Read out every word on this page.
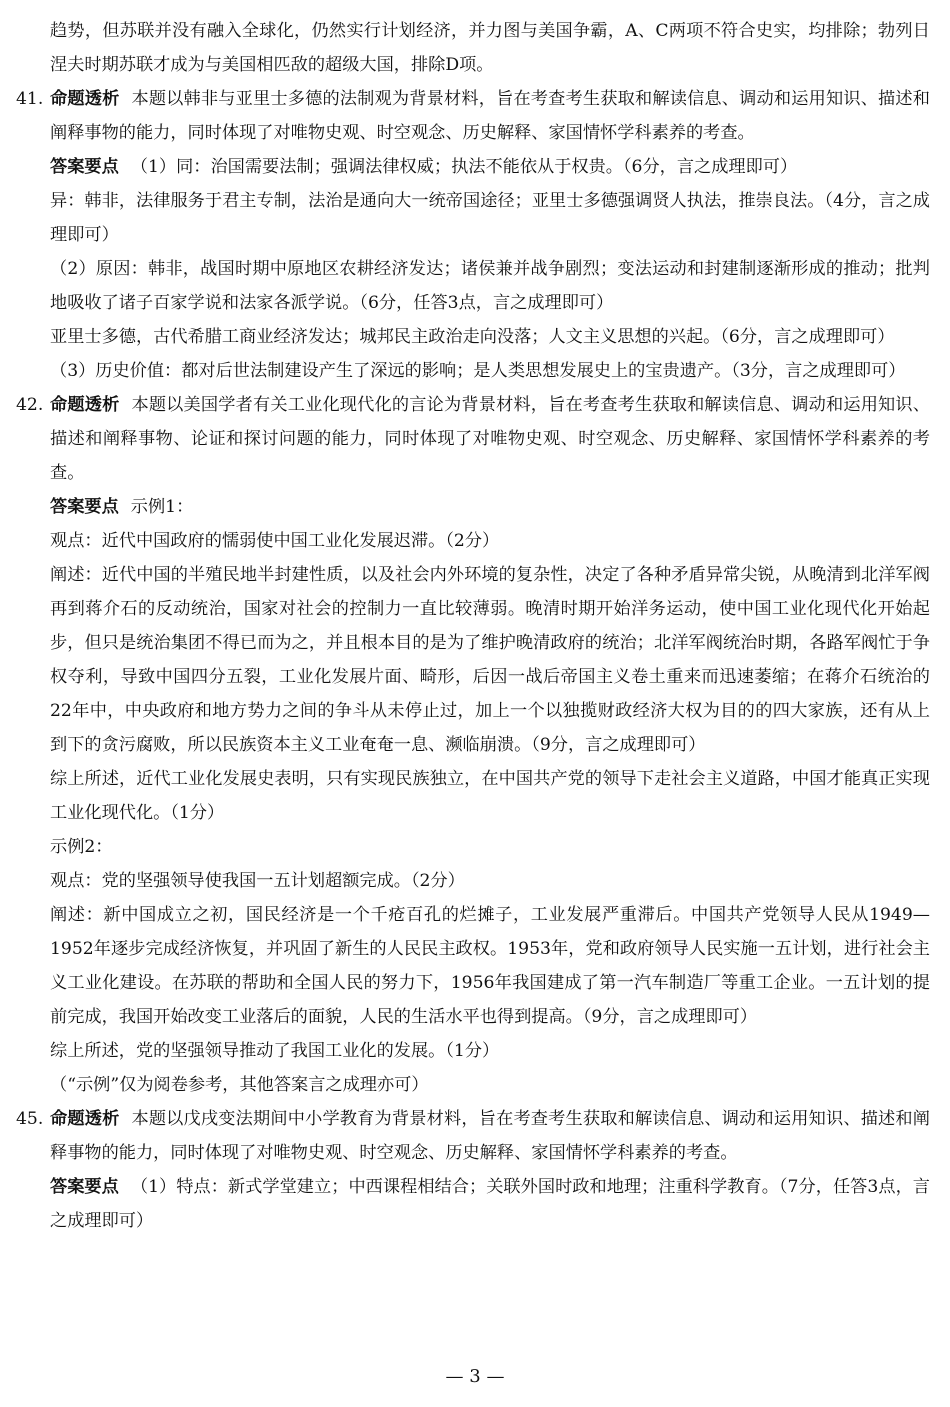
趋势，但苏联并没有融入全球化，仍然实行计划经济，并力图与美国争霸，A、C两项不符合史实，均排除；勃列日涅夫时期苏联才成为与美国相匹敌的超级大国，排除D项。

41. 命题透析 本题以韩非与亚里士多德的法制观为背景材料，旨在考查考生获取和解读信息、调动和运用知识、描述和阐释事物的能力，同时体现了对唯物史观、时空观念、历史解释、家国情怀学科素养的考查。

答案要点 （1）同：治国需要法制；强调法律权威；执法不能依从于权贵。（6分，言之成理即可）

异：韩非，法律服务于君主专制，法治是通向大一统帝国途径；亚里士多德强调贤人执法，推崇良法。（4分，言之成理即可）

（2）原因：韩非，战国时期中原地区农耕经济发达；诸侯兼并战争剧烈；变法运动和封建制逐渐形成的推动；批判地吸收了诸子百家学说和法家各派学说。（6分，任答3点，言之成理即可）

亚里士多德，古代希腊工商业经济发达；城邦民主政治走向没落；人文主义思想的兴起。（6分，言之成理即可）

（3）历史价值：都对后世法制建设产生了深远的影响；是人类思想发展史上的宝贵遗产。（3分，言之成理即可）

42. 命题透析 本题以美国学者有关工业化现代化的言论为背景材料，旨在考查考生获取和解读信息、调动和运用知识、描述和阐释事物、论证和探讨问题的能力，同时体现了对唯物史观、时空观念、历史解释、家国情怀学科素养的考查。

答案要点 示例1：

观点：近代中国政府的懦弱使中国工业化发展迟滞。（2分）

阐述：近代中国的半殖民地半封建性质，以及社会内外环境的复杂性，决定了各种矛盾异常尖锐，从晚清到北洋军阀再到蒋介石的反动统治，国家对社会的控制力一直比较薄弱。晚清时期开始洋务运动，使中国工业化现代化开始起步，但只是统治集团不得已而为之，并且根本目的是为了维护晚清政府的统治；北洋军阀统治时期，各路军阀忙于争权夺利，导致中国四分五裂，工业化发展片面、畸形，后因一战后帝国主义卷土重来而迅速萎缩；在蒋介石统治的22年中，中央政府和地方势力之间的争斗从未停止过，加上一个以独揽财政经济大权为目的的四大家族，还有从上到下的贪污腐败，所以民族资本主义工业奄奄一息、濒临崩溃。（9分，言之成理即可）

综上所述，近代工业化发展史表明，只有实现民族独立，在中国共产党的领导下走社会主义道路，中国才能真正实现工业化现代化。（1分）

示例2：

观点：党的坚强领导使我国一五计划超额完成。（2分）

阐述：新中国成立之初，国民经济是一个千疮百孔的烂摊子，工业发展严重滞后。中国共产党领导人民从1949—1952年逐步完成经济恢复，并巩固了新生的人民民主政权。1953年，党和政府领导人民实施一五计划，进行社会主义工业化建设。在苏联的帮助和全国人民的努力下，1956年我国建成了第一汽车制造厂等重工企业。一五计划的提前完成，我国开始改变工业落后的面貌，人民的生活水平也得到提高。（9分，言之成理即可）

综上所述，党的坚强领导推动了我国工业化的发展。（1分）

（“示例”仅为阅卷参考，其他答案言之成理亦可）

45. 命题透析 本题以戊戌变法期间中小学教育为背景材料，旨在考查考生获取和解读信息、调动和运用知识、描述和阐释事物的能力，同时体现了对唯物史观、时空观念、历史解释、家国情怀学科素养的考查。

答案要点 （1）特点：新式学堂建立；中西课程相结合；关联外国时政和地理；注重科学教育。（7分，任答3点，言之成理即可）

— 3 —
